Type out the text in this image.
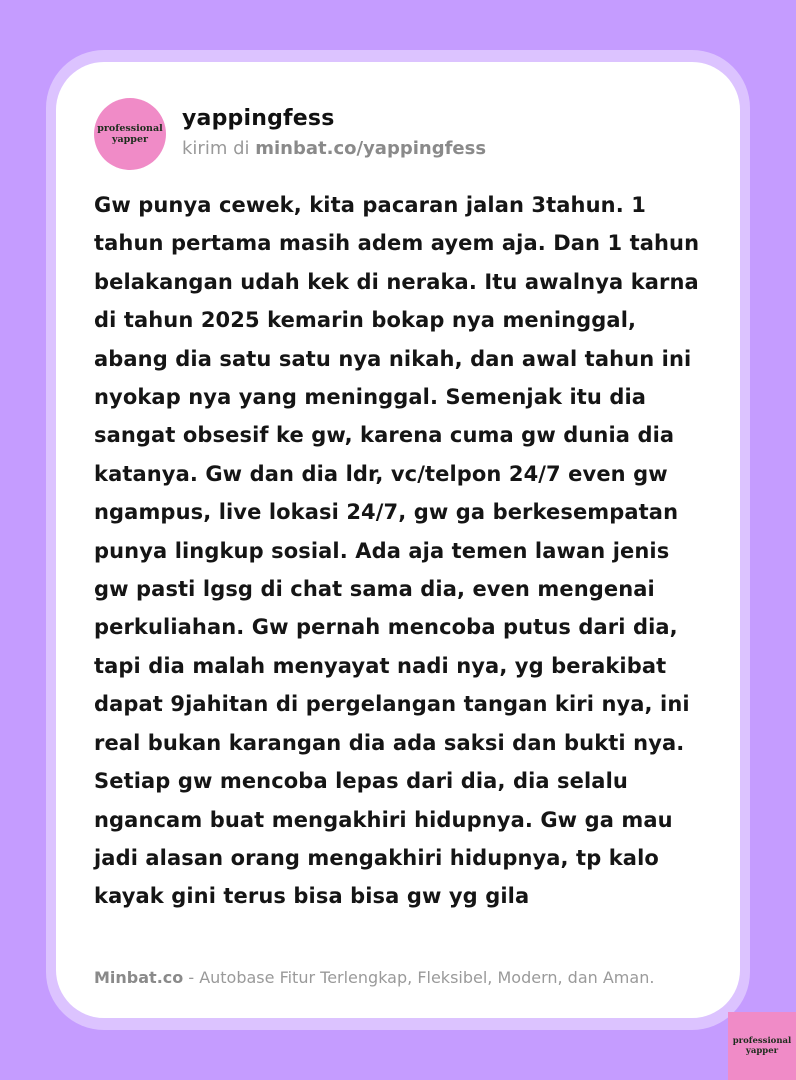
professional
yapper
yappingfess
kirim di minbat.co/yappingfess
Gw punya cewek, kita pacaran jalan 3tahun. 1 tahun pertama masih adem ayem aja. Dan 1 tahun belakangan udah kek di neraka. Itu awalnya karna di tahun 2025 kemarin bokap nya meninggal, abang dia satu satu nya nikah, dan awal tahun ini nyokap nya yang meninggal. Semenjak itu dia sangat obsesif ke gw, karena cuma gw dunia dia katanya. Gw dan dia ldr, vc/telpon 24/7 even gw ngampus, live lokasi 24/7, gw ga berkesempatan punya lingkup sosial. Ada aja temen lawan jenis gw pasti lgsg di chat sama dia, even mengenai perkuliahan. Gw pernah mencoba putus dari dia, tapi dia malah menyayat nadi nya, yg berakibat dapat 9jahitan di pergelangan tangan kiri nya, ini real bukan karangan dia ada saksi dan bukti nya. Setiap gw mencoba lepas dari dia, dia selalu ngancam buat mengakhiri hidupnya. Gw ga mau jadi alasan orang mengakhiri hidupnya, tp kalo kayak gini terus bisa bisa gw yg gila
Minbat.co - Autobase Fitur Terlengkap, Fleksibel, Modern, dan Aman.
professional
yapper
